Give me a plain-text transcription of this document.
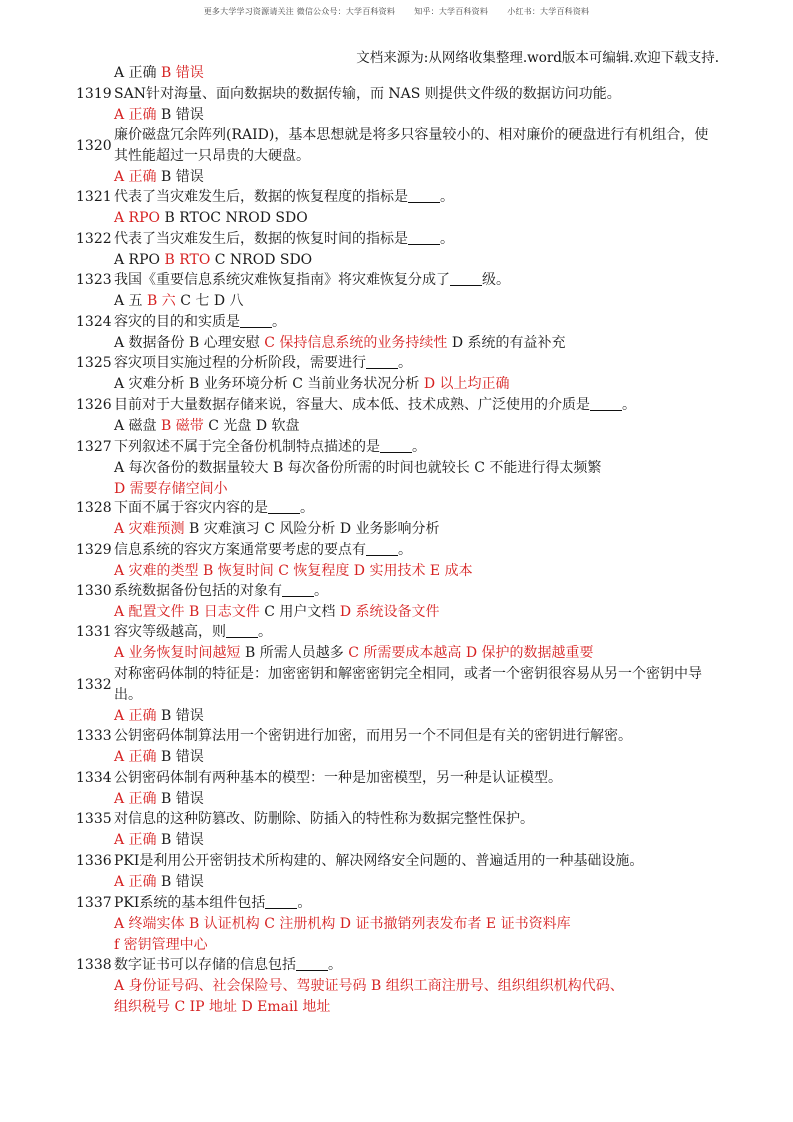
更多大学学习资源请关注 微信公众号：大学百科资料       知乎：大学百科资料       小红书：大学百科资料
文档来源为:从网络收集整理.word版本可编辑.欢迎下载支持.
A 正确 B 错误
1319 SAN针对海量、面向数据块的数据传输，而 NAS 则提供文件级的数据访问功能。
A 正确 B 错误
1320
廉价磁盘冗余阵列(RAID)，基本思想就是将多只容量较小的、相对廉价的硬盘进行有机组合，使其性能超过一只昂贵的大硬盘。
A 正确 B 错误
1321 代表了当灾难发生后，数据的恢复程度的指标是 。
A RPO B RTOC NROD SDO
1322 代表了当灾难发生后，数据的恢复时间的指标是 。
A RPO B RTO C NROD SDO
1323 我国《重要信息系统灾难恢复指南》将灾难恢复分成了 级。
A 五 B 六 C 七 D 八
1324 容灾的目的和实质是 。
A 数据备份 B 心理安慰 C 保持信息系统的业务持续性 D 系统的有益补充
1325 容灾项目实施过程的分析阶段，需要进行 。
A 灾难分析 B 业务环境分析 C 当前业务状况分析 D 以上均正确
1326 目前对于大量数据存储来说，容量大、成本低、技术成熟、广泛使用的介质是 。
A 磁盘 B 磁带 C 光盘 D 软盘
1327 下列叙述不属于完全备份机制特点描述的是 。
A 每次备份的数据量较大 B 每次备份所需的时间也就较长 C 不能进行得太频繁
D 需要存储空间小
1328 下面不属于容灾内容的是 。
A 灾难预测 B 灾难演习 C 风险分析 D 业务影响分析
1329 信息系统的容灾方案通常要考虑的要点有 。
A 灾难的类型 B 恢复时间 C 恢复程度 D 实用技术 E 成本
1330 系统数据备份包括的对象有 。
A 配置文件 B 日志文件 C 用户文档 D 系统设备文件
1331 容灾等级越高，则 。
A 业务恢复时间越短 B 所需人员越多 C 所需要成本越高 D 保护的数据越重要
1332
对称密码体制的特征是：加密密钥和解密密钥完全相同，或者一个密钥很容易从另一个密钥中导出。
A 正确 B 错误
1333 公钥密码体制算法用一个密钥进行加密，而用另一个不同但是有关的密钥进行解密。
A 正确 B 错误
1334 公钥密码体制有两种基本的模型：一种是加密模型，另一种是认证模型。
A 正确 B 错误
1335 对信息的这种防篡改、防删除、防插入的特性称为数据完整性保护。
A 正确 B 错误
1336 PKI是利用公开密钥技术所构建的、解决网络安全问题的、普遍适用的一种基础设施。
A 正确 B 错误
1337 PKI系统的基本组件包括 。
A 终端实体 B 认证机构 C 注册机构 D 证书撤销列表发布者 E 证书资料库
f 密钥管理中心
1338 数字证书可以存储的信息包括 。
A 身份证号码、社会保险号、驾驶证号码 B 组织工商注册号、组织组织机构代码、
组织税号 C IP 地址 D Email 地址
